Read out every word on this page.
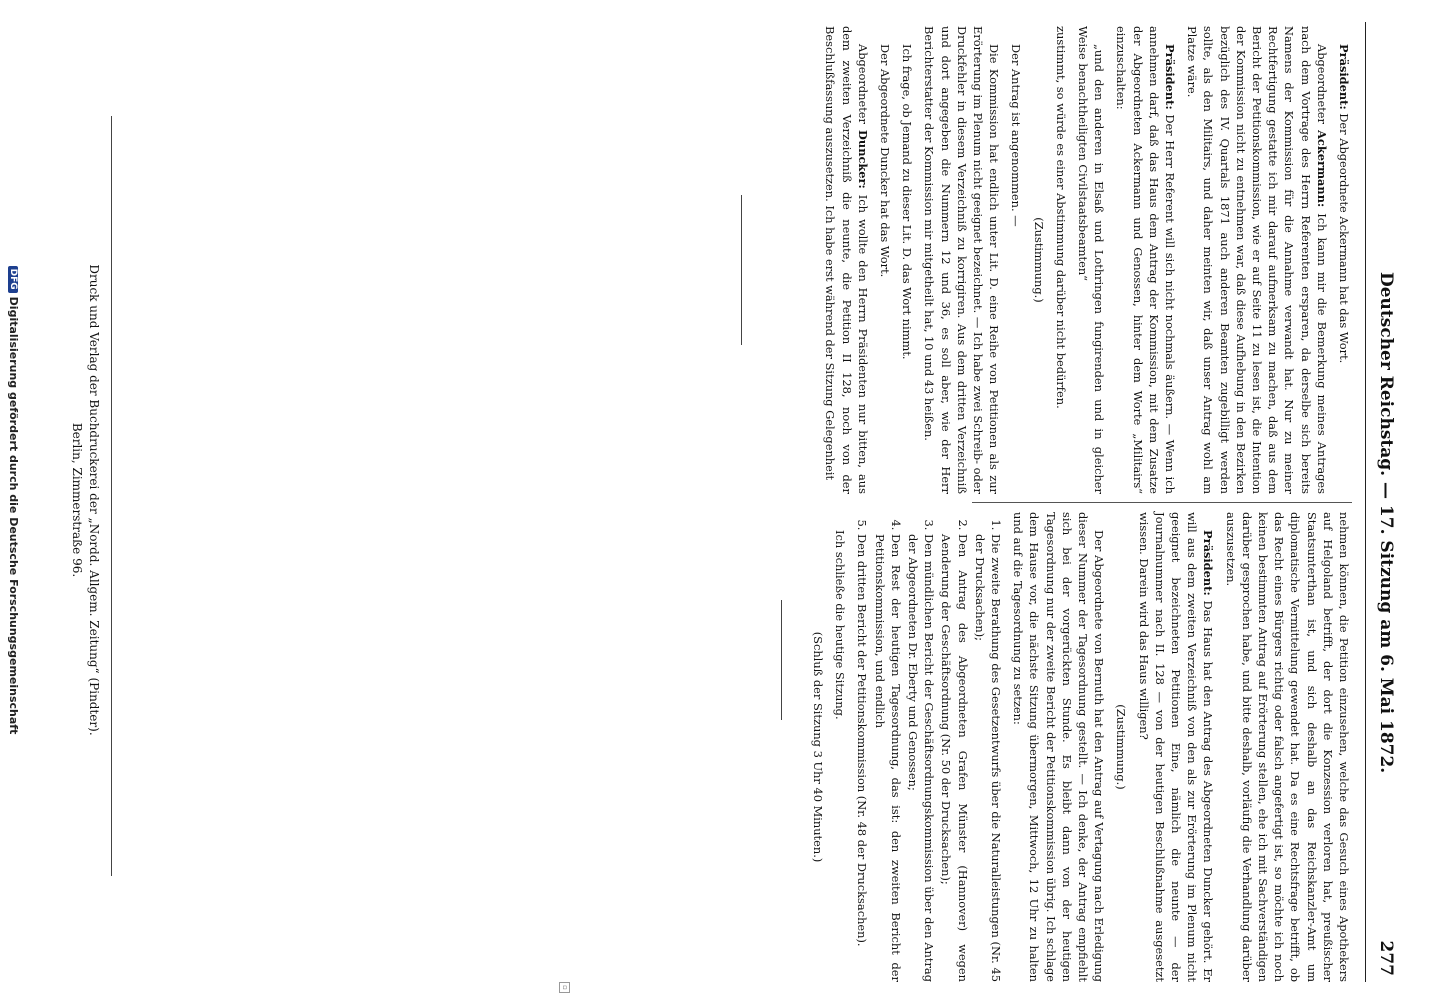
Deutscher Reichstag. — 17. Sitzung am 6. Mai 1872.
277

Präsident: Der Abgeordnete Ackermann hat das Wort.

Abgeordneter Ackermann: Ich kann mir die Bemerkung meines Antrages nach dem Vortrage des Herrn Referenten ersparen, da derselbe sich bereits Namens der Kommission für die Annahme verwandt hat. Nur zu meiner Rechtfertigung gestatte ich mir darauf aufmerksam zu machen, daß aus dem Bericht der Petitionskommission, wie er auf Seite 11 zu lesen ist, die Intention der Kommission nicht zu entnehmen war, daß diese Aufhebung in den Bezirken bezüglich des IV. Quartals 1871 auch anderen Beamten zugebilligt werden sollte, als den Militairs, und daher meinten wir, daß unser Antrag wohl am Platze wäre.

Präsident: Der Herr Referent will sich nicht nochmals äußern. — Wenn ich annehmen darf, daß das Haus dem Antrag der Kommission, mit dem Zusatze der Abgeordneten Ackermann und Genossen, hinter dem Worte „Militairs“ einzuschalten:

„und den anderen in Elsaß und Lothringen fungirenden und in gleicher Weise benachtheiligten Civilstaatsbeamten“

zustimmt, so würde es einer Abstimmung darüber nicht bedürfen.

(Zustimmung.)

Der Antrag ist angenommen. —

Die Kommission hat endlich unter Lit. D. eine Reihe von Petitionen als zur Erörterung im Plenum nicht geeignet bezeichnet. — Ich habe zwei Schreib- oder Druckfehler in diesem Verzeichniß zu korrigiren. Aus dem dritten Verzeichniß und dort angegeben die Nummern 12 und 36, es soll aber, wie der Herr Berichterstatter der Kommission mir mitgetheilt hat, 10 und 43 heißen.

Ich frage, ob Jemand zu dieser Lit. D. das Wort nimmt.

Der Abgeordnete Duncker hat das Wort.

Abgeordneter Duncker: Ich wollte den Herrn Präsidenten nur bitten, aus dem zweiten Verzeichniß die neunte, die Petition II 128, noch von der Beschlußfassung auszusetzen. Ich habe erst während der Sitzung Gelegenheit

nehmen können, die Petition einzusehen, welche das Gesuch eines Apothekers auf Helgoland betrifft, der dort die Konzession verloren hat, preußischer Staatsunterthan ist, und sich deshalb an das Reichskanzler-Amt um diplomatische Vermittelung gewendet hat. Da es eine Rechtsfrage betrifft, ob das Recht eines Bürgers richtig oder falsch angefertigt ist, so möchte ich noch keinen bestimmten Antrag auf Erörterung stellen, ehe ich mit Sachverständigen darüber gesprochen habe, und bitte deshalb, vorläufig die Verhandlung darüber auszusetzen.

Präsident: Das Haus hat den Antrag des Abgeordneten Duncker gehört. Er will aus dem zweiten Verzeichniß von den als zur Erörterung im Plenum nicht geeignet bezeichneten Petitionen Eine, nämlich die neunte — der Journalnummer nach II. 128 — von der heutigen Beschlußnahme ausgesetzt wissen. Darein wird das Haus willigen?

(Zustimmung.)

Der Abgeordnete von Bernuth hat den Antrag auf Vertagung nach Erledigung dieser Nummer der Tagesordnung gestellt. — Ich denke, der Antrag empfiehlt sich bei der vorgerückten Stunde. Es bleibt dann von der heutigen Tagesordnung nur der zweite Bericht der Petitionskommission übrig. Ich schlage dem Hause vor, die nächste Sitzung übermorgen, Mittwoch, 12 Uhr zu halten und auf die Tagesordnung zu setzen:

1. Die zweite Berathung des Gesetzentwurfs über die Naturalleistungen (Nr. 45 der Drucksachen);
2. Den Antrag des Abgeordneten Grafen Münster (Hannover) wegen Aenderung der Geschäftsordnung (Nr. 50 der Drucksachen);
3. Den mündlichen Bericht der Geschäftsordnungskommission über den Antrag der Abgeordneten Dr. Eberty und Genossen;
4. Den Rest der heutigen Tagesordnung, das ist: den zweiten Bericht der Petitionskommission, und endlich
5. Den dritten Bericht der Petitionskommission (Nr. 48 der Drucksachen).

Ich schließe die heutige Sitzung.

(Schluß der Sitzung 3 Uhr 40 Minuten.)

Druck und Verlag der Buchdruckerei der „Nordd. Allgem. Zeitung“ (Pindter).
Berlin, Zimmerstraße 96.
▫
DFGDigitalisierung gefördert durch die Deutsche Forschungsgemeinschaft
